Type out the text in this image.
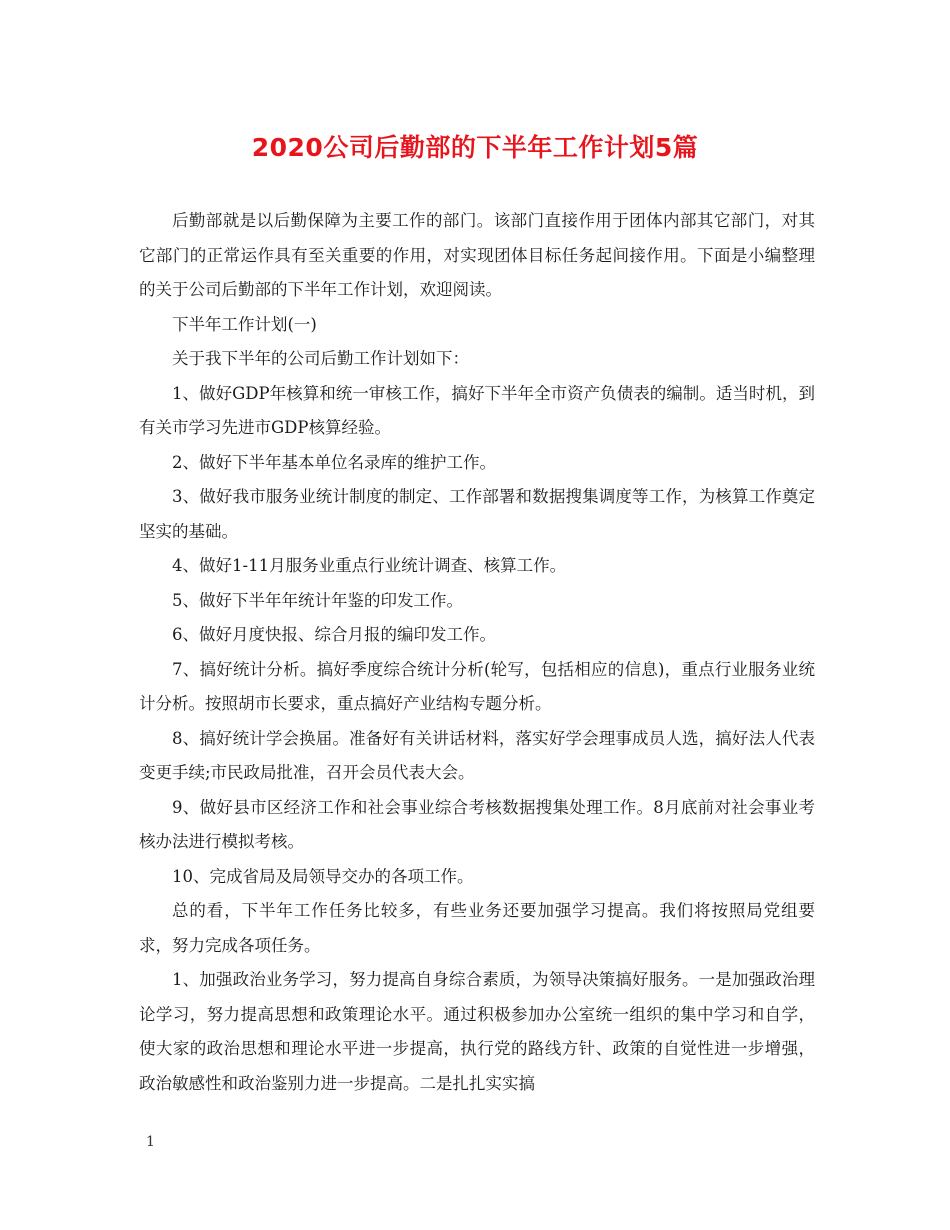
2020公司后勤部的下半年工作计划5篇

后勤部就是以后勤保障为主要工作的部门。该部门直接作用于团体内部其它部门，对其它部门的正常运作具有至关重要的作用，对实现团体目标任务起间接作用。下面是小编整理的关于公司后勤部的下半年工作计划，欢迎阅读。

下半年工作计划(一)

关于我下半年的公司后勤工作计划如下：

1、做好GDP年核算和统一审核工作，搞好下半年全市资产负债表的编制。适当时机，到有关市学习先进市GDP核算经验。

2、做好下半年基本单位名录库的维护工作。

3、做好我市服务业统计制度的制定、工作部署和数据搜集调度等工作，为核算工作奠定坚实的基础。

4、做好1-11月服务业重点行业统计调查、核算工作。

5、做好下半年年统计年鉴的印发工作。

6、做好月度快报、综合月报的编印发工作。

7、搞好统计分析。搞好季度综合统计分析(轮写，包括相应的信息)，重点行业服务业统计分析。按照胡市长要求，重点搞好产业结构专题分析。

8、搞好统计学会换届。准备好有关讲话材料，落实好学会理事成员人选，搞好法人代表变更手续;市民政局批准，召开会员代表大会。

9、做好县市区经济工作和社会事业综合考核数据搜集处理工作。8月底前对社会事业考核办法进行模拟考核。

10、完成省局及局领导交办的各项工作。

总的看，下半年工作任务比较多，有些业务还要加强学习提高。我们将按照局党组要求，努力完成各项任务。

1、加强政治业务学习，努力提高自身综合素质，为领导决策搞好服务。一是加强政治理论学习，努力提高思想和政策理论水平。通过积极参加办公室统一组织的集中学习和自学，使大家的政治思想和理论水平进一步提高，执行党的路线方针、政策的自觉性进一步增强，政治敏感性和政治鉴别力进一步提高。二是扎扎实实搞

1
